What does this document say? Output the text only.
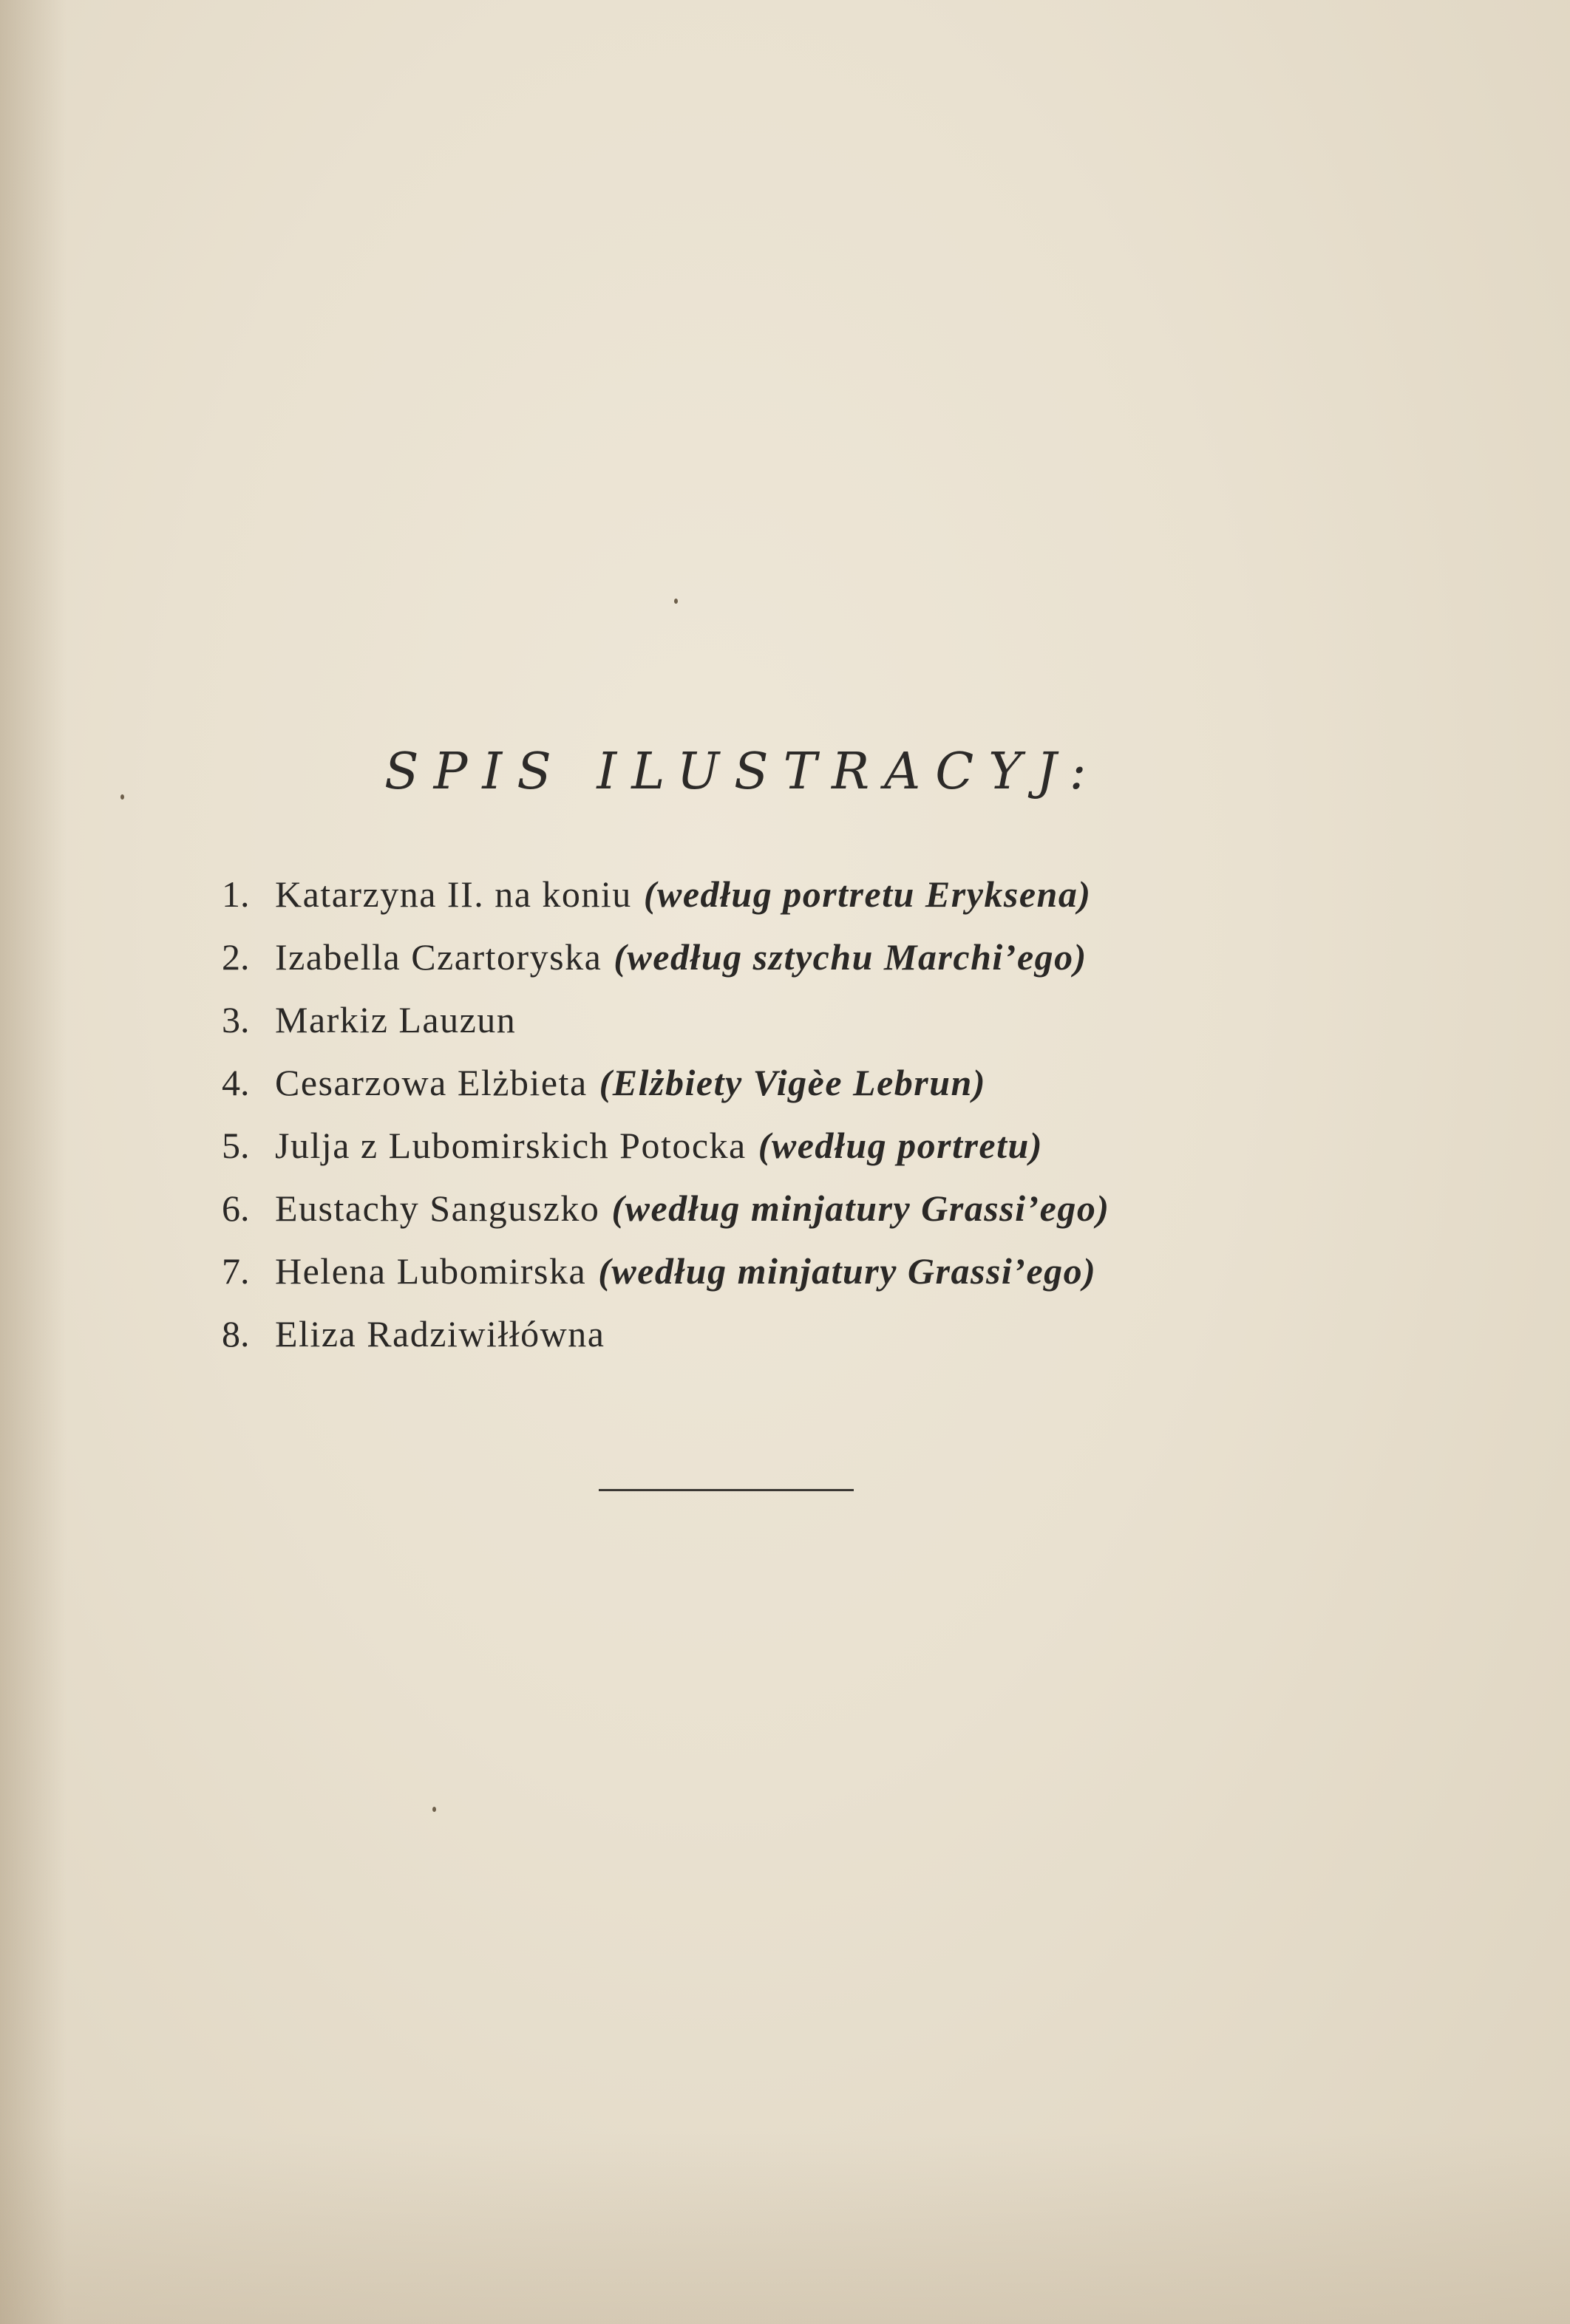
SPIS ILUSTRACYJ:
1. Katarzyna II. na koniu (według portretu Eryksena)
2. Izabella Czartoryska (według sztychu Marchi’ego)
3. Markiz Lauzun
4. Cesarzowa Elżbieta (Elżbiety Vigèe Lebrun)
5. Julja z Lubomirskich Potocka (według portretu)
6. Eustachy Sanguszko (według minjatury Grassi’ego)
7. Helena Lubomirska (według minjatury Grassi’ego)
8. Eliza Radziwiłłówna
